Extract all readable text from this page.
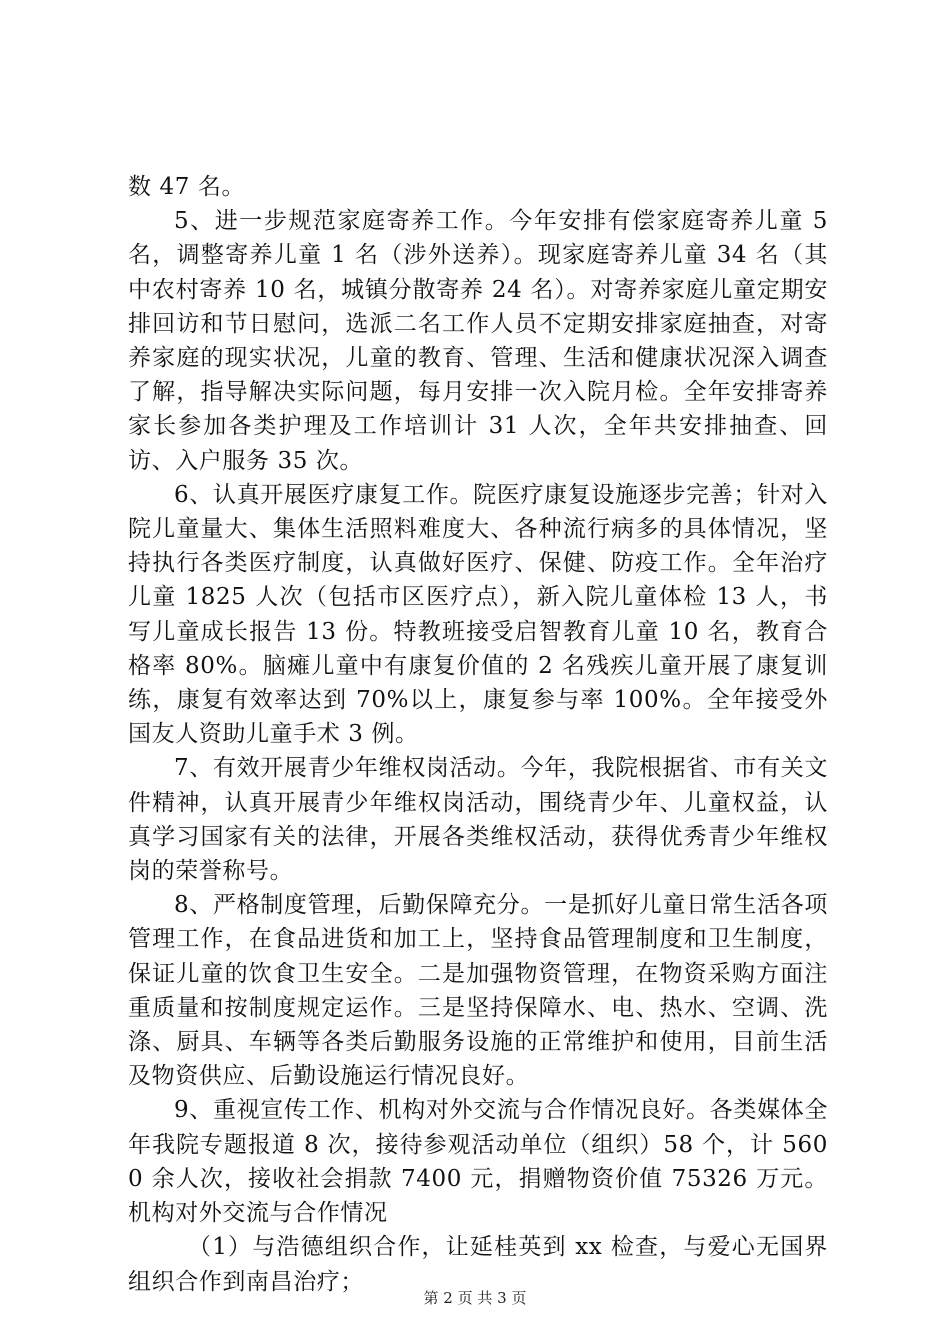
数 47 名。

5、进一步规范家庭寄养工作。今年安排有偿家庭寄养儿童 5 名，调整寄养儿童 1 名（涉外送养）。现家庭寄养儿童 34 名（其中农村寄养 10 名，城镇分散寄养 24 名）。对寄养家庭儿童定期安排回访和节日慰问，选派二名工作人员不定期安排家庭抽查，对寄养家庭的现实状况，儿童的教育、管理、生活和健康状况深入调查了解，指导解决实际问题，每月安排一次入院月检。全年安排寄养家长参加各类护理及工作培训计 31 人次，全年共安排抽查、回访、入户服务 35 次。

6、认真开展医疗康复工作。院医疗康复设施逐步完善；针对入院儿童量大、集体生活照料难度大、各种流行病多的具体情况，坚持执行各类医疗制度，认真做好医疗、保健、防疫工作。全年治疗儿童 1825 人次（包括市区医疗点），新入院儿童体检 13 人，书写儿童成长报告 13 份。特教班接受启智教育儿童 10 名，教育合格率 80%。脑瘫儿童中有康复价值的 2 名残疾儿童开展了康复训练，康复有效率达到 70%以上，康复参与率 100%。全年接受外国友人资助儿童手术 3 例。

7、有效开展青少年维权岗活动。今年，我院根据省、市有关文件精神，认真开展青少年维权岗活动，围绕青少年、儿童权益，认真学习国家有关的法律，开展各类维权活动，获得优秀青少年维权岗的荣誉称号。

8、严格制度管理，后勤保障充分。一是抓好儿童日常生活各项管理工作，在食品进货和加工上，坚持食品管理制度和卫生制度，保证儿童的饮食卫生安全。二是加强物资管理，在物资采购方面注重质量和按制度规定运作。三是坚持保障水、电、热水、空调、洗涤、厨具、车辆等各类后勤服务设施的正常维护和使用，目前生活及物资供应、后勤设施运行情况良好。

9、重视宣传工作、机构对外交流与合作情况良好。各类媒体全年我院专题报道 8 次，接待参观活动单位（组织）58 个，计 5600 余人次，接收社会捐款 7400 元，捐赠物资价值 75326 万元。机构对外交流与合作情况

（1）与浩德组织合作，让延桂英到 xx 检查，与爱心无国界组织合作到南昌治疗；

第 2 页 共 3 页
